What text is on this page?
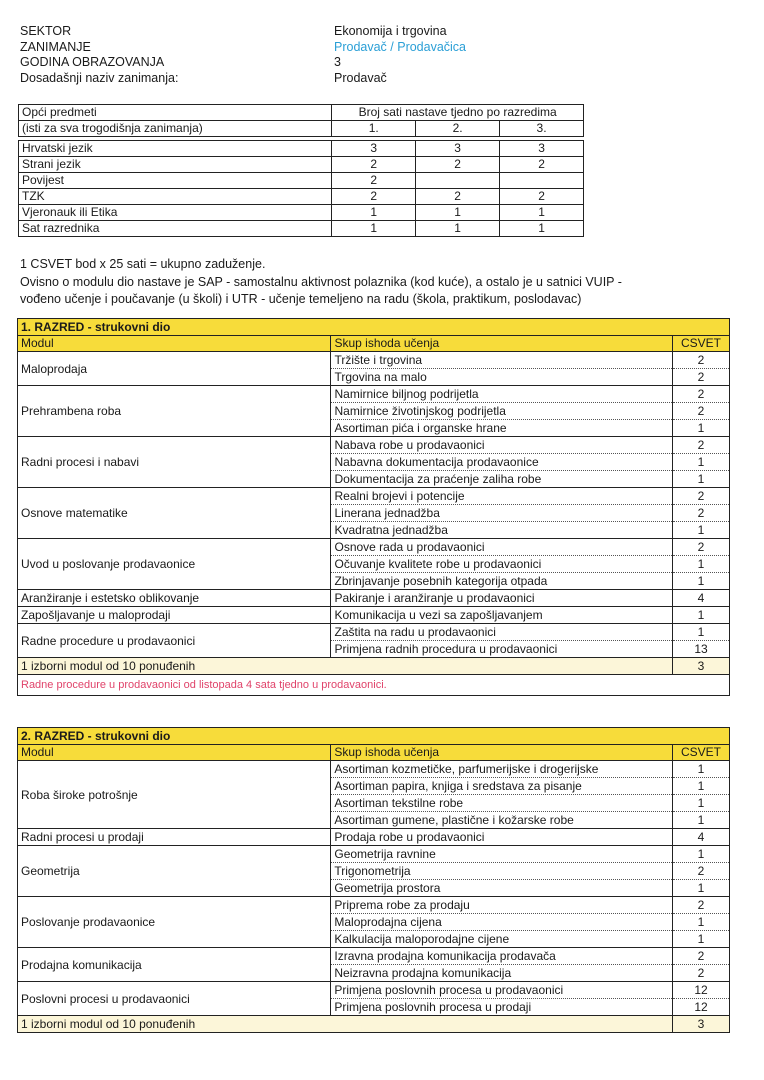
SEKTOR	Ekonomija i trgovina
ZANIMANJE	Prodavač / Prodavačica
GODINA OBRAZOVANJA	3
Dosadašnji naziv zanimanja:	Prodavač
Opći predmeti	Broj sati nastave tjedno po razredima		
(isti za sva trogodišnja zanimanja)	1.	2.	3.

Hrvatski jezik	3	3	3
Strani jezik	2	2	2
Povijest	2		
TZK	2	2	2
Vjeronauk ili Etika	1	1	1
Sat razrednika	1	1	1
1 CSVET bod x 25 sati = ukupno zaduženje.
Ovisno o modulu dio nastave je SAP - samostalnu aktivnost polaznika (kod kuće), a ostalo je u satnici VUIP -
vođeno učenje i poučavanje (u školi) i UTR - učenje temeljeno na radu (škola, praktikum, poslodavac)
1. RAZRED - strukovni dio		
Modul	Skup ishoda učenja	CSVET
Maloprodaja	Tržište i trgovina	2
	Trgovina na malo	2
Prehrambena roba	Namirnice biljnog podrijetla	2
	Namirnice životinjskog podrijetla	2
	Asortiman pića i organske hrane	1
Radni procesi i nabavi	Nabava robe u prodavaonici	2
	Nabavna dokumentacija prodavaonice	1
	Dokumentacija za praćenje zaliha robe	1
Osnove matematike	Realni brojevi i potencije	2
	Linerana jednadžba	2
	Kvadratna jednadžba	1
Uvod u poslovanje prodavaonice	Osnove rada u prodavaonici	2
	Očuvanje kvalitete robe u prodavaonici	1
	Zbrinjavanje posebnih kategorija otpada	1
Aranžiranje i estetsko oblikovanje	Pakiranje i aranžiranje u prodavaonici	4
Zapošljavanje u maloprodaji	Komunikacija u vezi sa zapošljavanjem	1
Radne procedure u prodavaonici	Zaštita na radu u prodavaonici	1
	Primjena radnih procedura u prodavaonici	13
1 izborni modul od 10 ponuđenih		3
Radne procedure u prodavaonici od listopada 4 sata tjedno u prodavaonici.		
2. RAZRED - strukovni dio		
Modul	Skup ishoda učenja	CSVET
Roba široke potrošnje	Asortiman kozmetičke, parfumerijske i drogerijske	1
	Asortiman papira, knjiga i sredstava za pisanje	1
	Asortiman tekstilne robe	1
	Asortiman gumene, plastične i kožarske robe	1
Radni procesi u prodaji	Prodaja robe u prodavaonici	4
Geometrija	Geometrija ravnine	1
	Trigonometrija	2
	Geometrija prostora	1
Poslovanje prodavaonice	Priprema robe za prodaju	2
	Maloprodajna cijena	1
	Kalkulacija maloporodajne cijene	1
Prodajna komunikacija	Izravna prodajna komunikacija prodavača	2
	Neizravna prodajna komunikacija	2
Poslovni procesi u prodavaonici	Primjena poslovnih procesa u prodavaonici	12
	Primjena poslovnih procesa u prodaji	12
1 izborni modul od 10 ponuđenih		3
